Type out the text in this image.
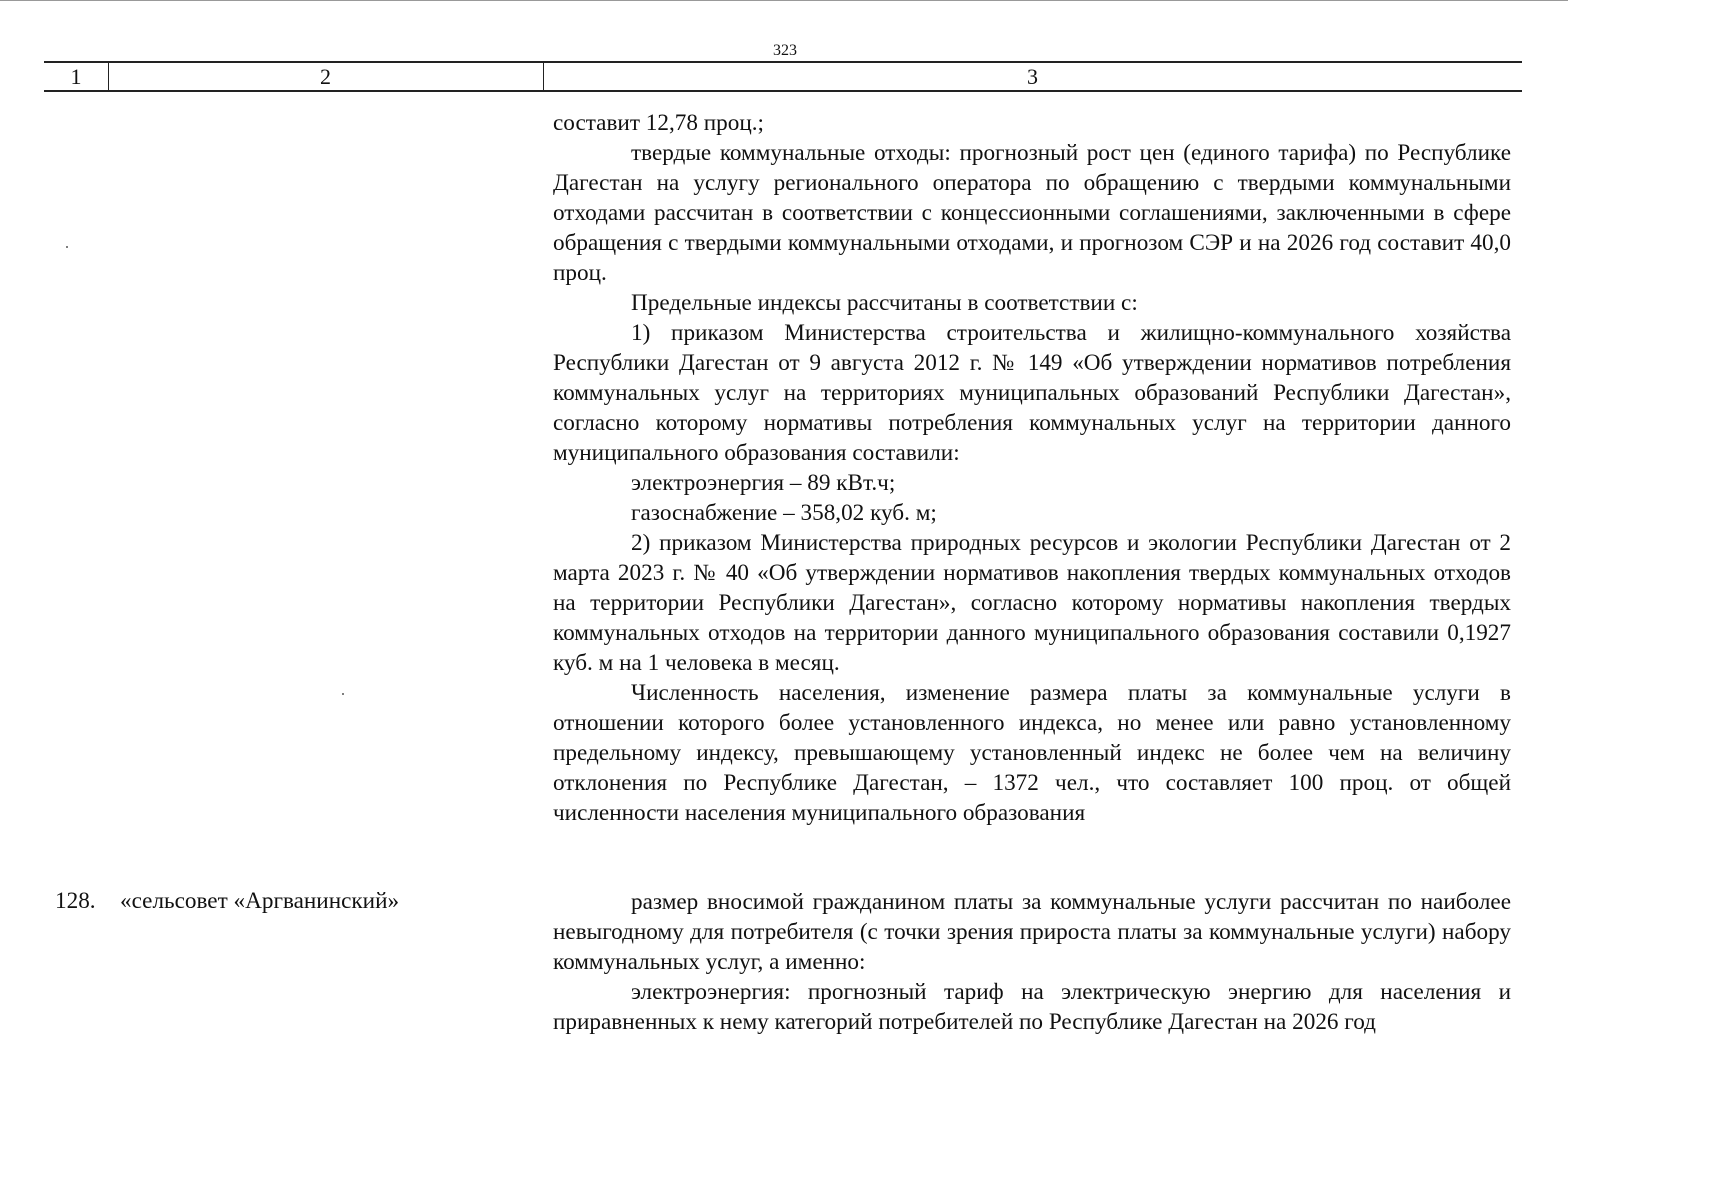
323
1	2	3

составит 12,78 проц.;

твердые коммунальные отходы: прогнозный рост цен (единого тарифа) по Республике Дагестан на услугу регионального оператора по обращению с твердыми коммунальными отходами рассчитан в соответствии с концессионными соглашениями, заключенными в сфере обращения с твердыми коммунальными отходами, и прогнозом СЭР и на 2026 год составит 40,0 проц.

Предельные индексы рассчитаны в соответствии с:

1) приказом Министерства строительства и жилищно-коммунального хозяйства Республики Дагестан от 9 августа 2012 г. № 149 «Об утверждении нормативов потребления коммунальных услуг на территориях муниципальных образований Республики Дагестан», согласно которому нормативы потребления коммунальных услуг на территории данного муниципального образования составили:

электроэнергия – 89 кВт.ч;

газоснабжение – 358,02 куб. м;

2) приказом Министерства природных ресурсов и экологии Республики Дагестан от 2 марта 2023 г. № 40 «Об утверждении нормативов накопления твердых коммунальных отходов на территории Республики Дагестан», согласно которому нормативы накопления твердых коммунальных отходов на территории данного муниципального образования составили 0,1927 куб. м на 1 человека в месяц.

Численность населения, изменение размера платы за коммунальные услуги в отношении которого более установленного индекса, но менее или равно установленному предельному индексу, превышающему установленный индекс не более чем на величину отклонения по Республике Дагестан, – 1372 чел., что составляет 100 проц. от общей численности населения муниципального образования

128. «сельсовет «Аргванинский»	размер вносимой гражданином платы за коммунальные услуги рассчитан по наиболее невыгодному для потребителя (с точки зрения прироста платы за коммунальные услуги) набору коммунальных услуг, а именно:

электроэнергия: прогнозный тариф на электрическую энергию для населения и приравненных к нему категорий потребителей по Республике Дагестан на 2026 год
